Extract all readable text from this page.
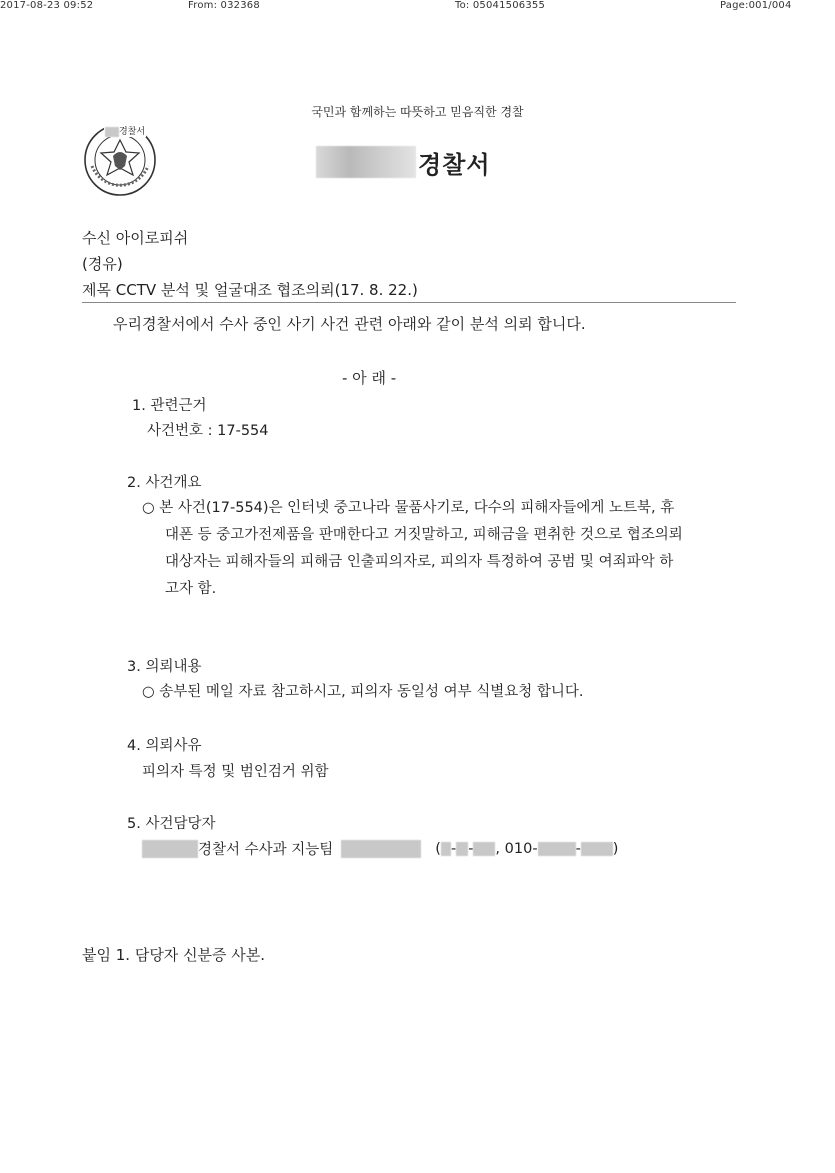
2017-08-23 09:52	From: 032368	To: 05041506355	Page:001/004
국민과 함께하는 따뜻하고 믿음직한 경찰
경찰서
경찰서
수신 아이로피쉬
(경유)
제목 CCTV 분석 및 얼굴대조 협조의뢰(17. 8. 22.)
우리경찰서에서 수사 중인 사기 사건 관련 아래와 같이 분석 의뢰 합니다.
- 아 래 -
1. 관련근거
사건번호 : 17-554
2. 사건개요
○ 본 사건(17-554)은 인터넷 중고나라 물품사기로, 다수의 피해자들에게 노트북, 휴
대폰 등 중고가전제품을 판매한다고 거짓말하고, 피해금을 편취한 것으로 협조의뢰
대상자는 피해자들의 피해금 인출피의자로, 피의자 특정하여 공범 및 여죄파악 하
고자 함.
3. 의뢰내용
○ 송부된 메일 자료 참고하시고, 피의자 동일성 여부 식별요청 합니다.
4. 의뢰사유
피의자 특정 및 범인검거 위함
5. 사건담당자
경찰서 수사과 지능팀	( - - , 010-	- )
붙임 1. 담당자 신분증 사본.
